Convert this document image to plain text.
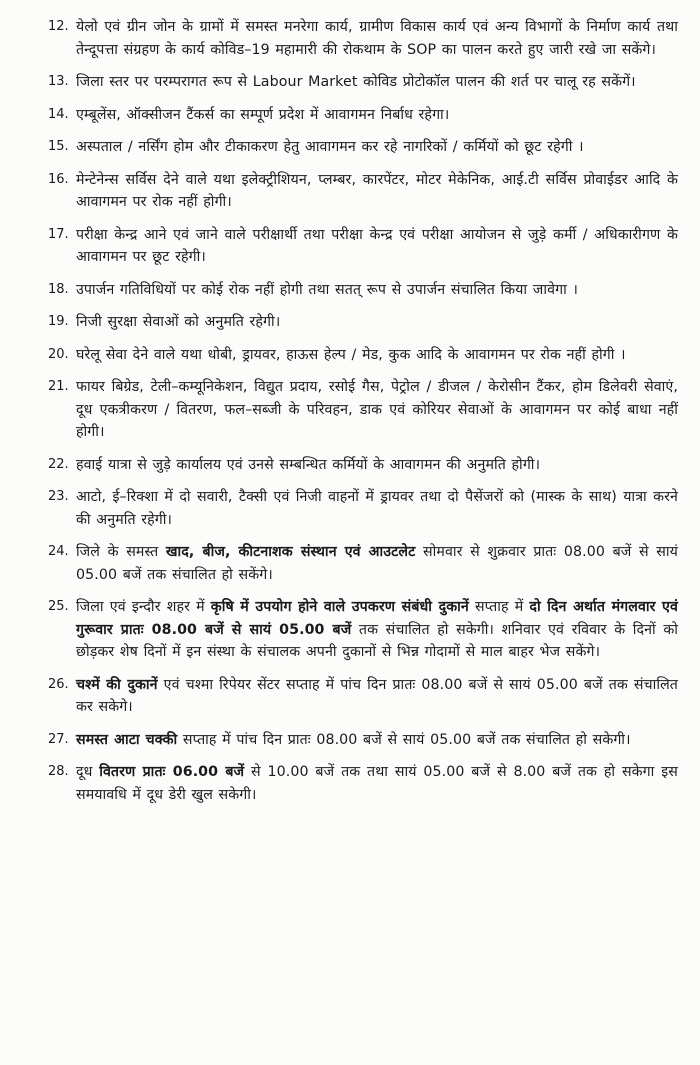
12. येलो एवं ग्रीन जोन के ग्रामों में समस्त मनरेगा कार्य, ग्रामीण विकास कार्य एवं अन्य विभागों के निर्माण कार्य तथा तेन्दूपत्ता संग्रहण के कार्य कोविड–19 महामारी की रोकथाम के SOP का पालन करते हुए जारी रखे जा सकेंगे।
13. जिला स्तर पर परम्परागत रूप से Labour Market कोविड प्रोटोकॉल पालन की शर्त पर चालू रह सकेंगें।
14. एम्बूलेंस, ऑक्सीजन टैंकर्स का सम्पूर्ण प्रदेश में आवागमन निर्बाध रहेगा।
15. अस्पताल / नर्सिंग होम और टीकाकरण हेतु आवागमन कर रहे नागरिकों / कर्मियों को छूट रहेगी ।
16. मेन्टेनेन्स सर्विस देने वाले यथा इलेक्ट्रीशियन, प्लम्बर, कारपेंटर, मोटर मेकेनिक, आई.टी सर्विस प्रोवाईडर आदि के आवागमन पर रोक नहीं होगी।
17. परीक्षा केन्द्र आने एवं जाने वाले परीक्षार्थी तथा परीक्षा केन्द्र एवं परीक्षा आयोजन से जुड़े कर्मी / अधिकारीगण के आवागमन पर छूट रहेगी।
18. उपार्जन गतिविधियों पर कोई रोक नहीं होगी तथा सतत् रूप से उपार्जन संचालित किया जावेगा ।
19. निजी सुरक्षा सेवाओं को अनुमति रहेगी।
20. घरेलू सेवा देने वाले यथा धोबी, ड्रायवर, हाऊस हेल्प / मेड, कुक आदि के आवागमन पर रोक नहीं होगी ।
21. फायर बिग्रेड, टेली–कम्यूनिकेशन, विद्युत प्रदाय, रसोई गैस, पेट्रोल / डीजल / केरोसीन टैंकर, होम डिलेवरी सेवाएं, दूध एकत्रीकरण / वितरण, फल–सब्जी के परिवहन, डाक एवं कोरियर सेवाओं के आवागमन पर कोई बाधा नहीं होगी।
22. हवाई यात्रा से जुड़े कार्यालय एवं उनसे सम्बन्धित कर्मियों के आवागमन की अनुमति होगी।
23. आटो, ई–रिक्शा में दो सवारी, टैक्सी एवं निजी वाहनों में ड्रायवर तथा दो पैसेंजरों को (मास्क के साथ) यात्रा करने की अनुमति रहेगी।
24. जिले के समस्त खाद, बीज, कीटनाशक संस्थान एवं आउटलेट सोमवार से शुक्रवार प्रातः 08.00 बजें से सायं 05.00 बजें तक संचालित हो सकेंगे।
25. जिला एवं इन्दौर शहर में कृषि में उपयोग होने वाले उपकरण संबंधी दुकानें सप्ताह में दो दिन अर्थात मंगलवार एवं गुरूवार प्रातः 08.00 बजें से सायं 05.00 बजें तक संचालित हो सकेगी। शनिवार एवं रविवार के दिनों को छोड़कर शेष दिनों में इन संस्था के संचालक अपनी दुकानों से भिन्न गोदामों से माल बाहर भेज सकेंगे।
26. चश्में की दुकानें एवं चश्मा रिपेयर सेंटर सप्ताह में पांच दिन प्रातः 08.00 बजें से सायं 05.00 बजें तक संचालित कर सकेगे।
27. समस्त आटा चक्की सप्ताह में पांच दिन प्रातः 08.00 बजें से सायं 05.00 बजें तक संचालित हो सकेगी।
28. दूध वितरण प्रातः 06.00 बजें से 10.00 बजें तक तथा सायं 05.00 बजें से 8.00 बजें तक हो सकेगा इस समयावधि में दूध डेरी खुल सकेगी।
